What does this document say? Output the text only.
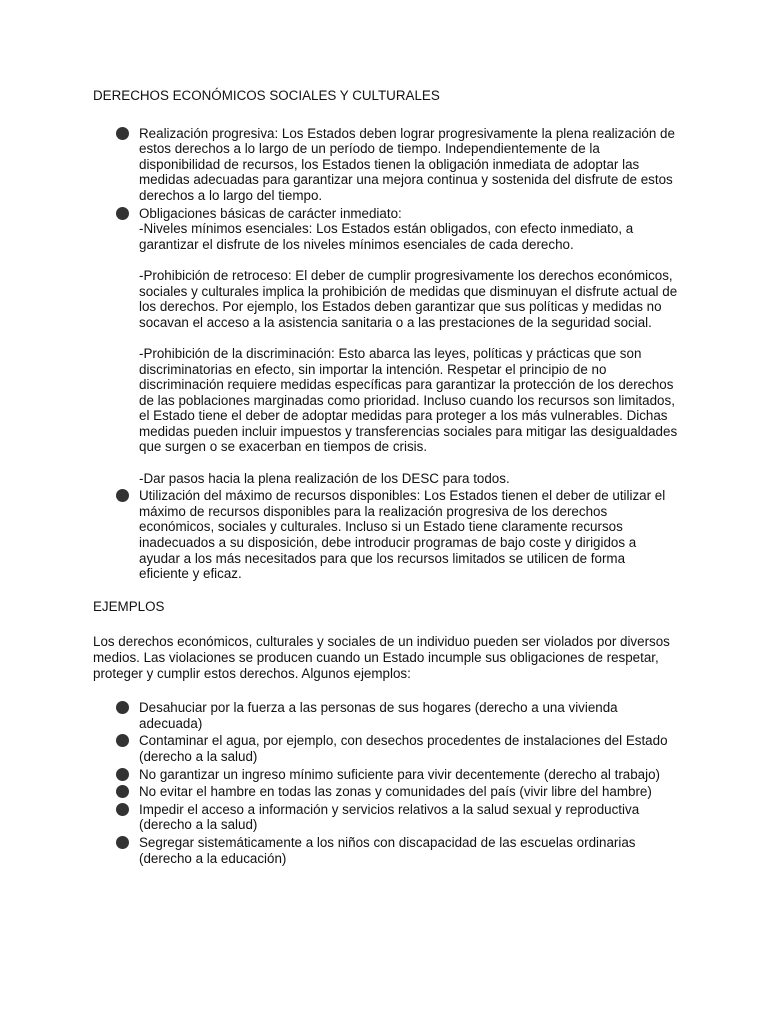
DERECHOS ECONÓMICOS SOCIALES Y CULTURALES

Realización progresiva: Los Estados deben lograr progresivamente la plena realización de estos derechos a lo largo de un período de tiempo. Independientemente de la disponibilidad de recursos, los Estados tienen la obligación inmediata de adoptar las medidas adecuadas para garantizar una mejora continua y sostenida del disfrute de estos derechos a lo largo del tiempo.
Obligaciones básicas de carácter inmediato:
-Niveles mínimos esenciales: Los Estados están obligados, con efecto inmediato, a garantizar el disfrute de los niveles mínimos esenciales de cada derecho.
-Prohibición de retroceso: El deber de cumplir progresivamente los derechos económicos, sociales y culturales implica la prohibición de medidas que disminuyan el disfrute actual de los derechos. Por ejemplo, los Estados deben garantizar que sus políticas y medidas no socavan el acceso a la asistencia sanitaria o a las prestaciones de la seguridad social.
-Prohibición de la discriminación: Esto abarca las leyes, políticas y prácticas que son discriminatorias en efecto, sin importar la intención. Respetar el principio de no discriminación requiere medidas específicas para garantizar la protección de los derechos de las poblaciones marginadas como prioridad. Incluso cuando los recursos son limitados, el Estado tiene el deber de adoptar medidas para proteger a los más vulnerables. Dichas medidas pueden incluir impuestos y transferencias sociales para mitigar las desigualdades que surgen o se exacerban en tiempos de crisis.
-Dar pasos hacia la plena realización de los DESC para todos.
Utilización del máximo de recursos disponibles: Los Estados tienen el deber de utilizar el máximo de recursos disponibles para la realización progresiva de los derechos económicos, sociales y culturales. Incluso si un Estado tiene claramente recursos inadecuados a su disposición, debe introducir programas de bajo coste y dirigidos a ayudar a los más necesitados para que los recursos limitados se utilicen de forma eficiente y eficaz.

EJEMPLOS

Los derechos económicos, culturales y sociales de un individuo pueden ser violados por diversos medios. Las violaciones se producen cuando un Estado incumple sus obligaciones de respetar, proteger y cumplir estos derechos. Algunos ejemplos:

Desahuciar por la fuerza a las personas de sus hogares (derecho a una vivienda adecuada)
Contaminar el agua, por ejemplo, con desechos procedentes de instalaciones del Estado (derecho a la salud)
No garantizar un ingreso mínimo suficiente para vivir decentemente (derecho al trabajo)
No evitar el hambre en todas las zonas y comunidades del país (vivir libre del hambre)
Impedir el acceso a información y servicios relativos a la salud sexual y reproductiva (derecho a la salud)
Segregar sistemáticamente a los niños con discapacidad de las escuelas ordinarias (derecho a la educación)
